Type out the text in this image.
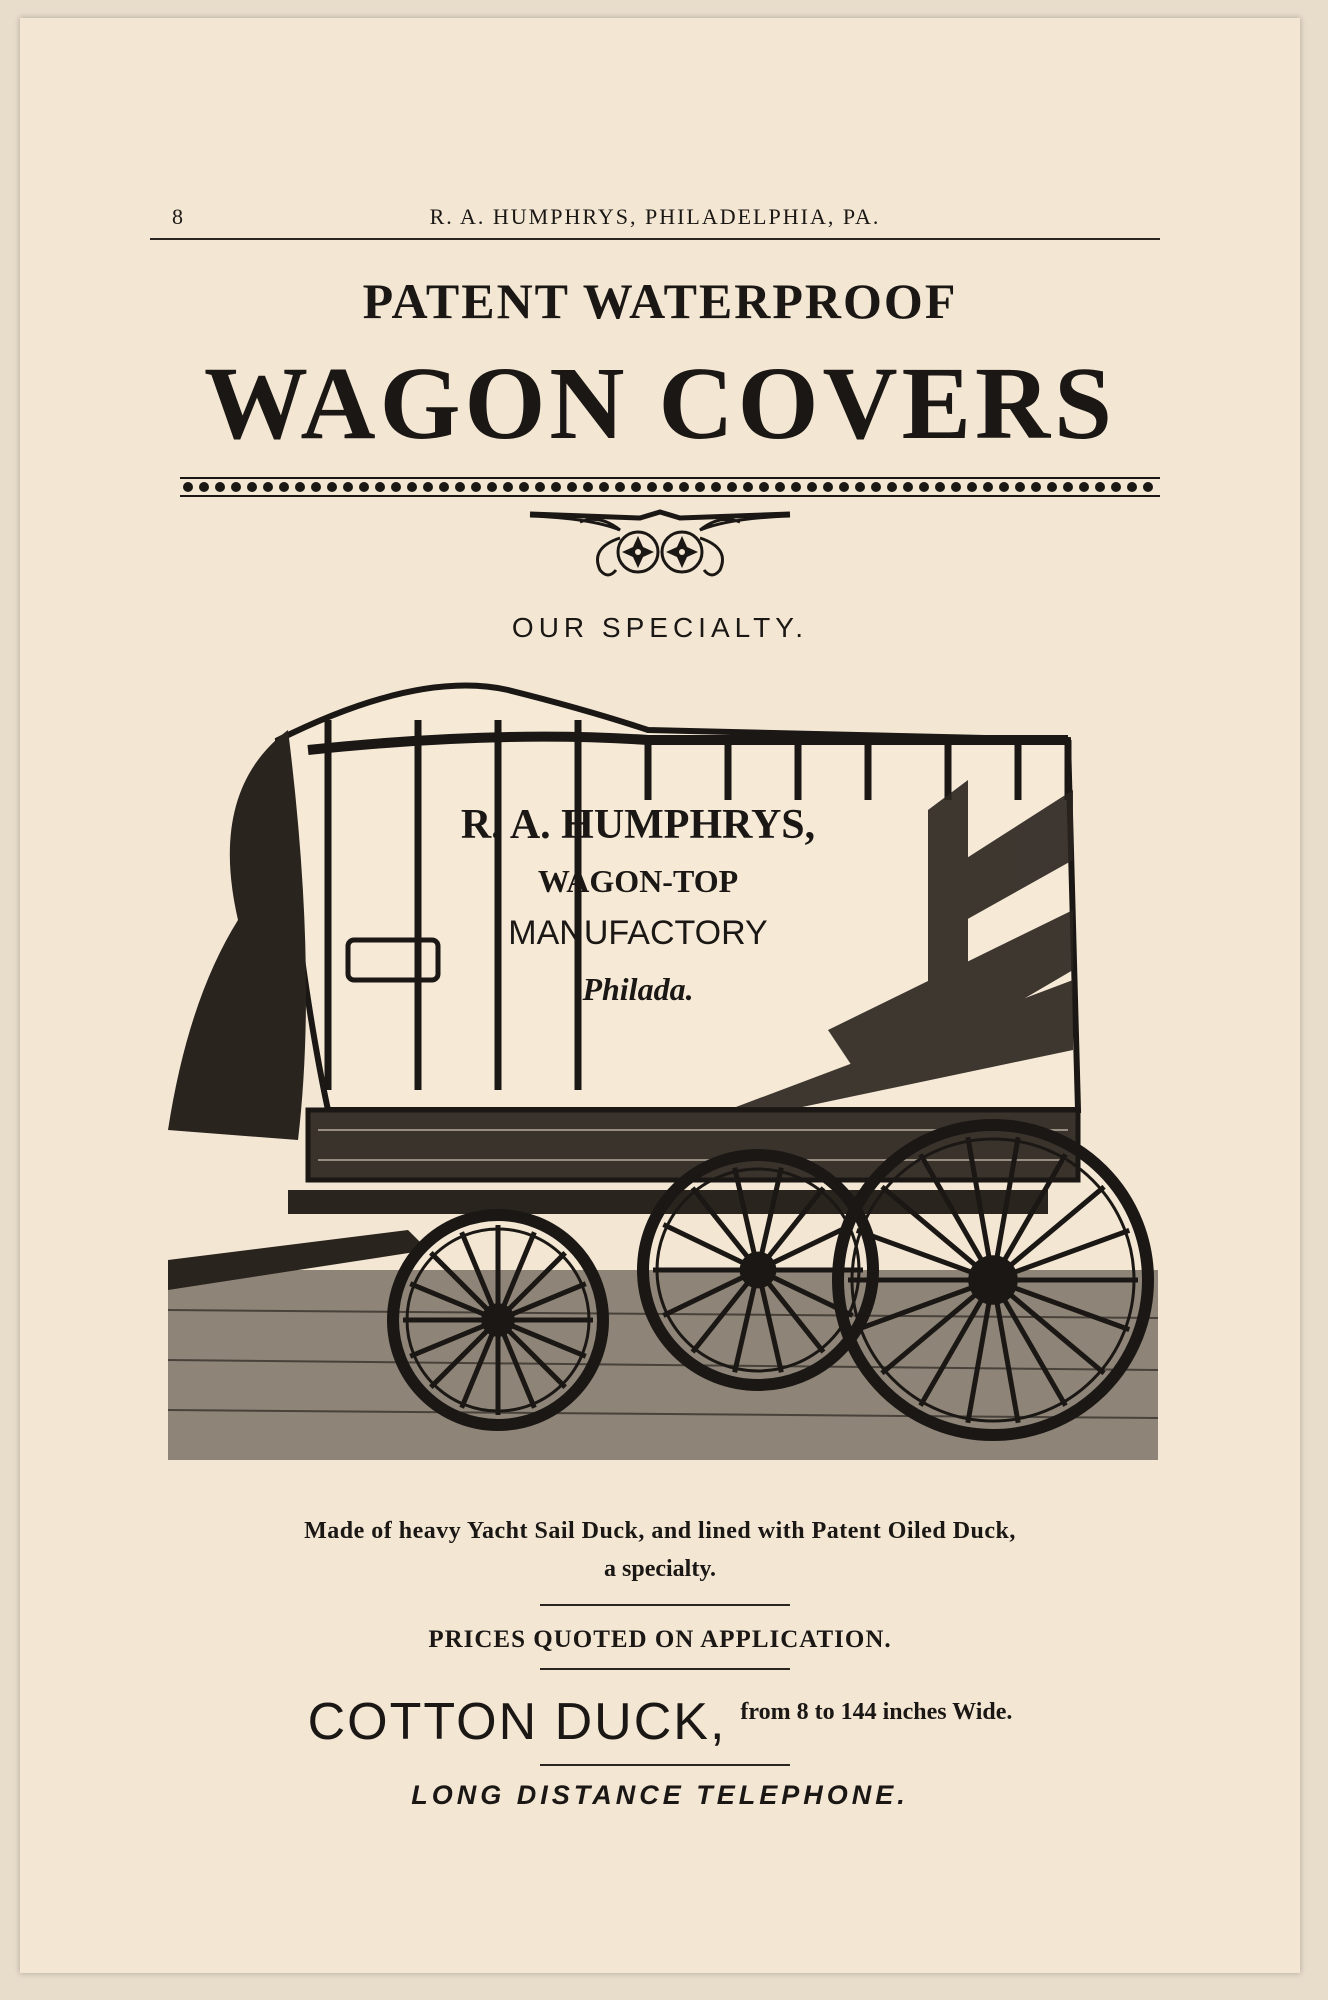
8	R. A. HUMPHRYS, PHILADELPHIA, PA.
PATENT WATERPROOF
WAGON COVERS
OUR SPECIALTY.
R. A. HUMPHRYS,
WAGON-TOP
MANUFACTORY
Philada.
Made of heavy Yacht Sail Duck, and lined with Patent Oiled Duck,
a specialty.
PRICES QUOTED ON APPLICATION.
COTTON DUCK, from 8 to 144 inches Wide.
LONG DISTANCE TELEPHONE.
